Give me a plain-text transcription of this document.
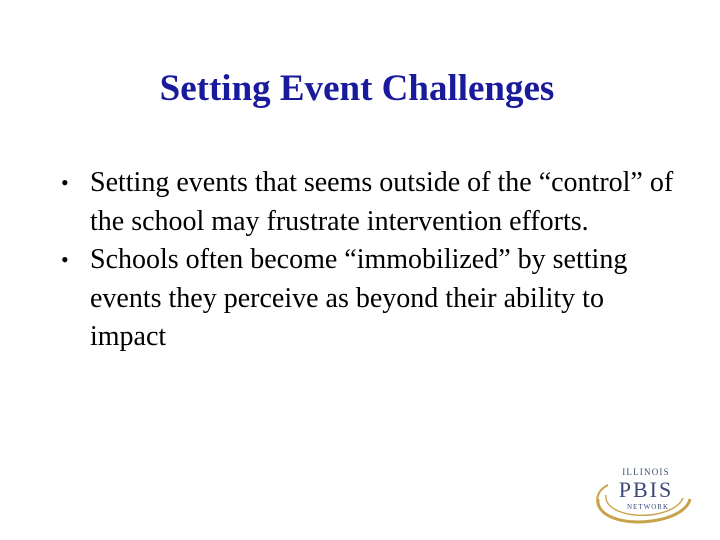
Setting Event Challenges
• Setting events that seems outside of the “control” of the school may frustrate intervention efforts.
• Schools often become “immobilized” by setting events they perceive as beyond their ability to impact
ILLINOIS
PBIS
NETWORK
